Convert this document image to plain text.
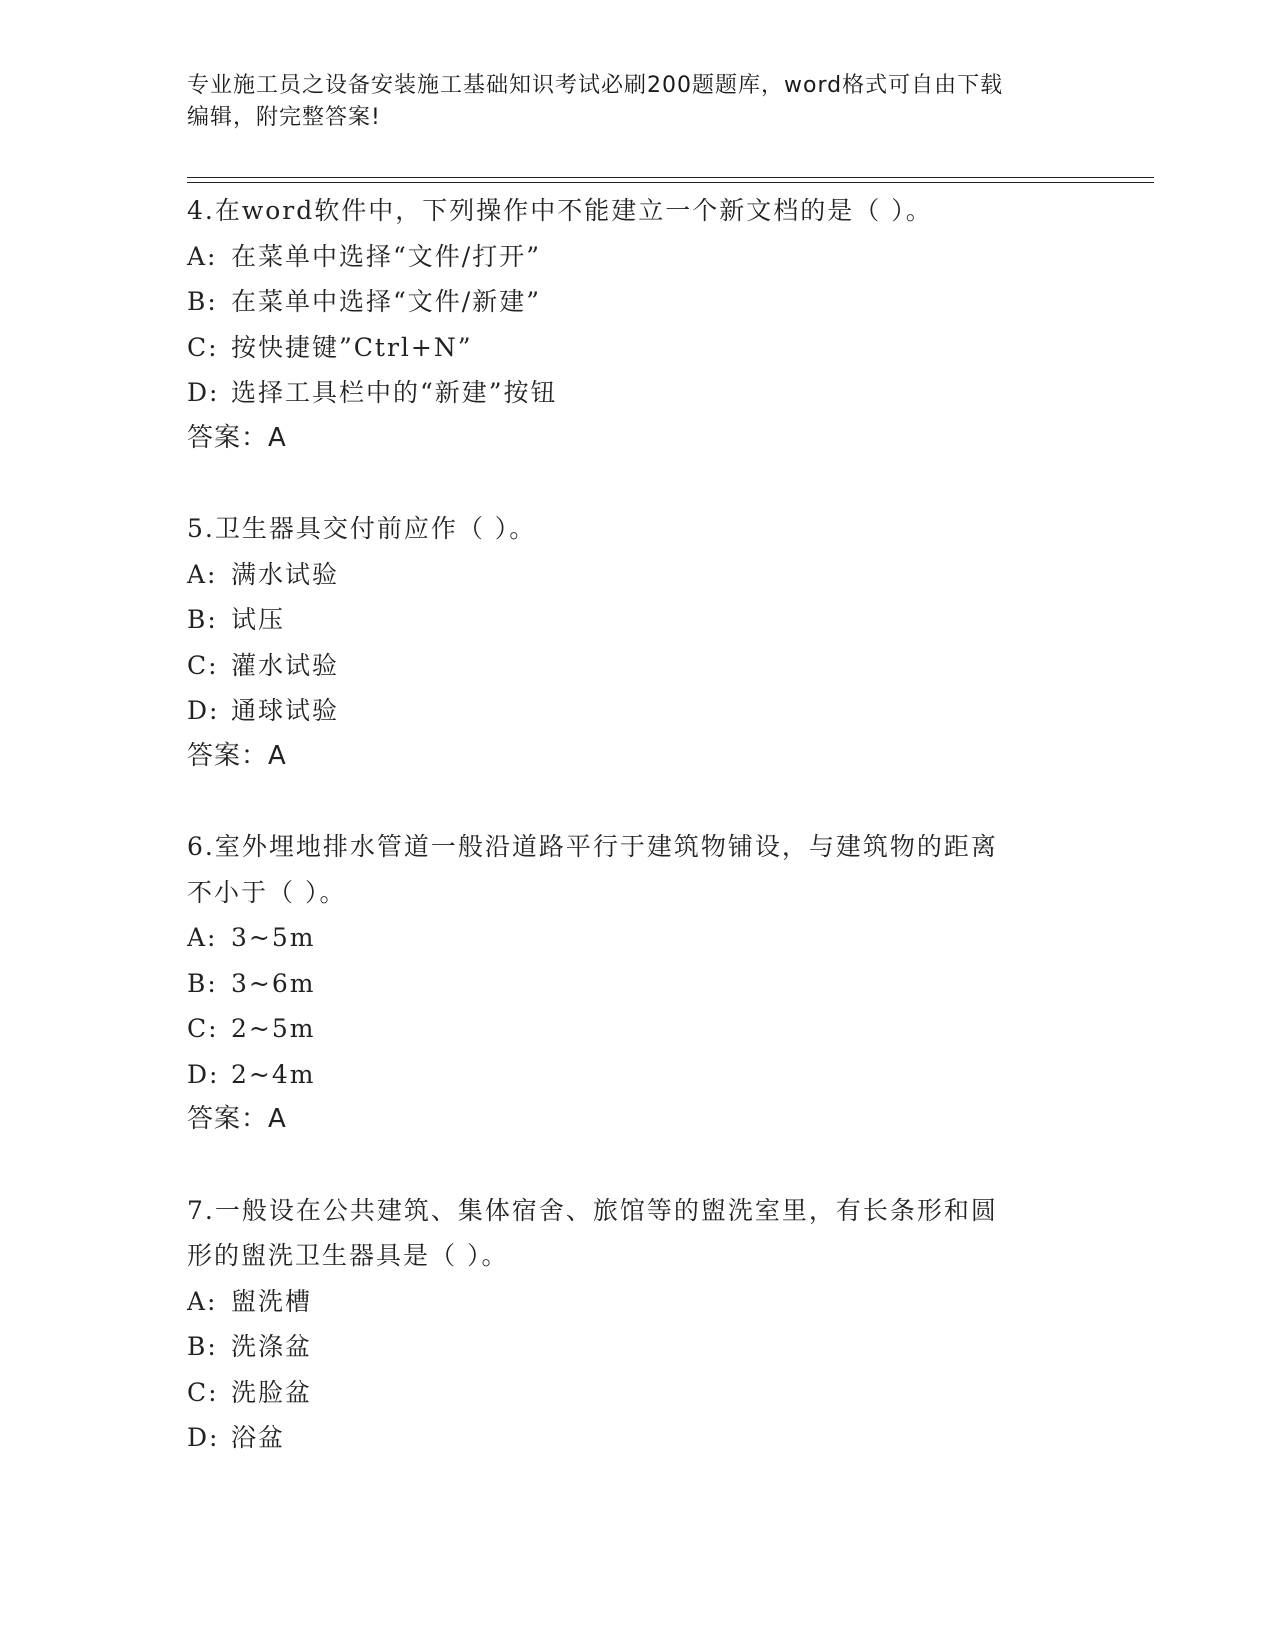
专业施工员之设备安装施工基础知识考试必刷200题题库，word格式可自由下载
编辑，附完整答案!
4.在word软件中，下列操作中不能建立一个新文档的是（ ）。
A: 在菜单中选择“文件/打开”
B: 在菜单中选择“文件/新建”
C: 按快捷键”Ctrl+N”
D: 选择工具栏中的“新建”按钮
答案：A
5.卫生器具交付前应作（ ）。
A: 满水试验
B: 试压
C: 灌水试验
D: 通球试验
答案：A
6.室外埋地排水管道一般沿道路平行于建筑物铺设，与建筑物的距离
不小于（ ）。
A: 3~5m
B: 3~6m
C: 2~5m
D: 2~4m
答案：A
7.一般设在公共建筑、集体宿舍、旅馆等的盥洗室里，有长条形和圆
形的盥洗卫生器具是（ ）。
A: 盥洗槽
B: 洗涤盆
C: 洗脸盆
D: 浴盆
